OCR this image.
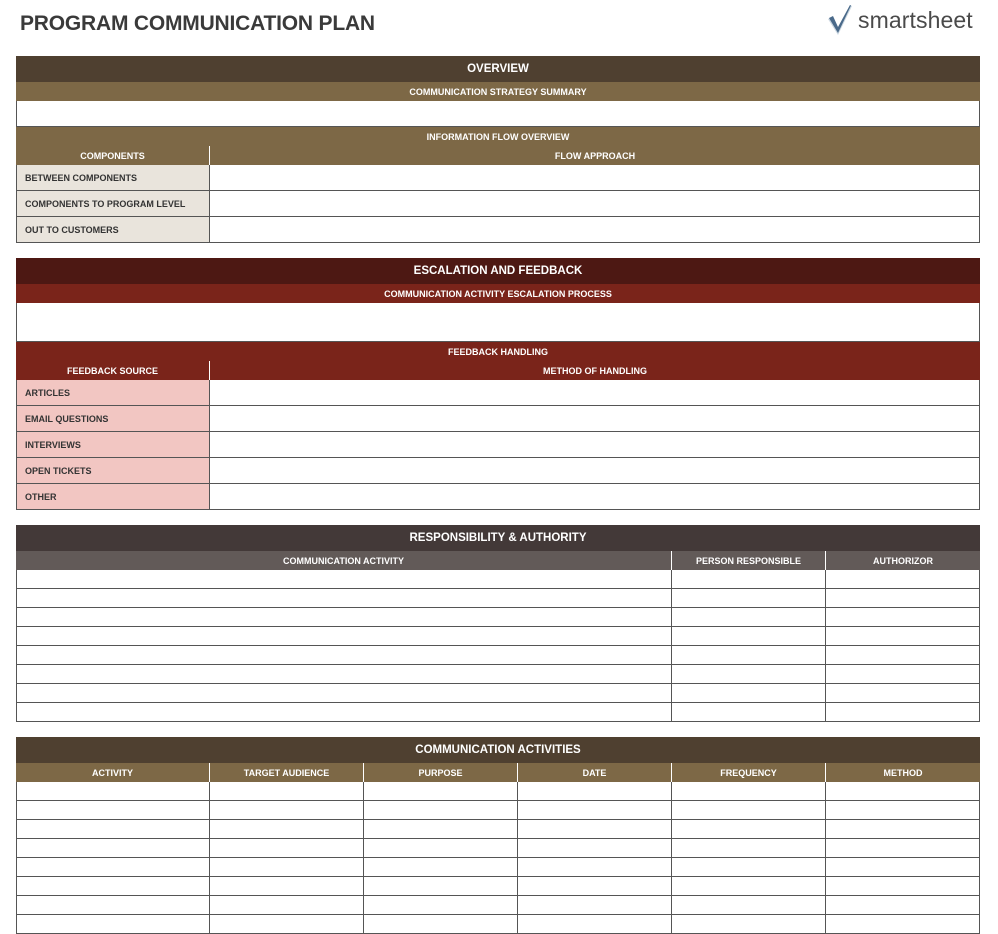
PROGRAM COMMUNICATION PLAN	smartsheet
OVERVIEW
COMMUNICATION STRATEGY SUMMARY
INFORMATION FLOW OVERVIEW
COMPONENTS	FLOW APPROACH
BETWEEN COMPONENTS
COMPONENTS TO PROGRAM LEVEL
OUT TO CUSTOMERS
ESCALATION AND FEEDBACK
COMMUNICATION ACTIVITY ESCALATION PROCESS
FEEDBACK HANDLING
FEEDBACK SOURCE	METHOD OF HANDLING
ARTICLES
EMAIL QUESTIONS
INTERVIEWS
OPEN TICKETS
OTHER
RESPONSIBILITY & AUTHORITY
COMMUNICATION ACTIVITY	PERSON RESPONSIBLE	AUTHORIZOR
COMMUNICATION ACTIVITIES
ACTIVITY	TARGET AUDIENCE	PURPOSE	DATE	FREQUENCY	METHOD
